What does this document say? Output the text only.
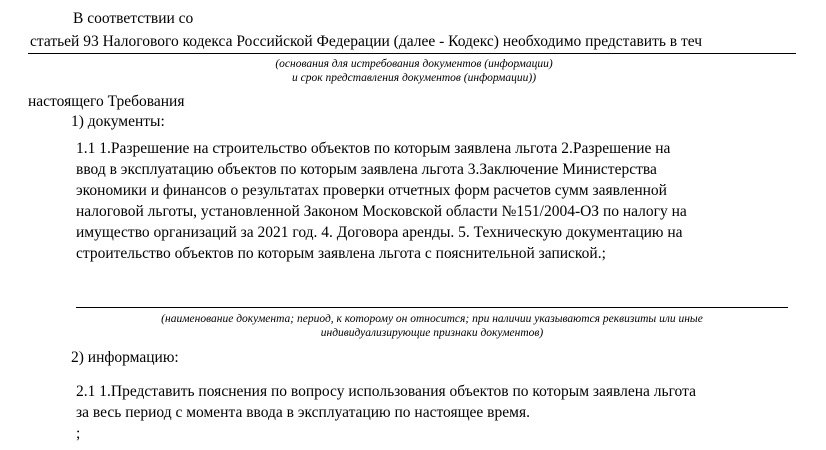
В соответствии со
статьей 93 Налогового кодекса Российской Федерации (далее - Кодекс) необходимо представить в теч
(основания для истребования документов (информации)
и срок представления документов (информации))
настоящего Требования
1) документы:
1.1 1.Разрешение на строительство объектов по которым заявлена льгота 2.Разрешение на
ввод в эксплуатацию объектов по которым заявлена льгота 3.Заключение Министерства
экономики и финансов о результатах проверки отчетных форм расчетов сумм заявленной
налоговой льготы, установленной Законом Московской области №151/2004-ОЗ по налогу на
имущество организаций за 2021 год. 4. Договора аренды. 5. Техническую документацию на
строительство объектов по которым заявлена льгота с пояснительной запиской.;
(наименование документа; период, к которому он относится; при наличии указываются реквизиты или иные
индивидуализирующие признаки документов)
2) информацию:
2.1 1.Представить пояснения по вопросу использования объектов по которым заявлена льгота
за весь период с момента ввода в эксплуатацию по настоящее время.
;
